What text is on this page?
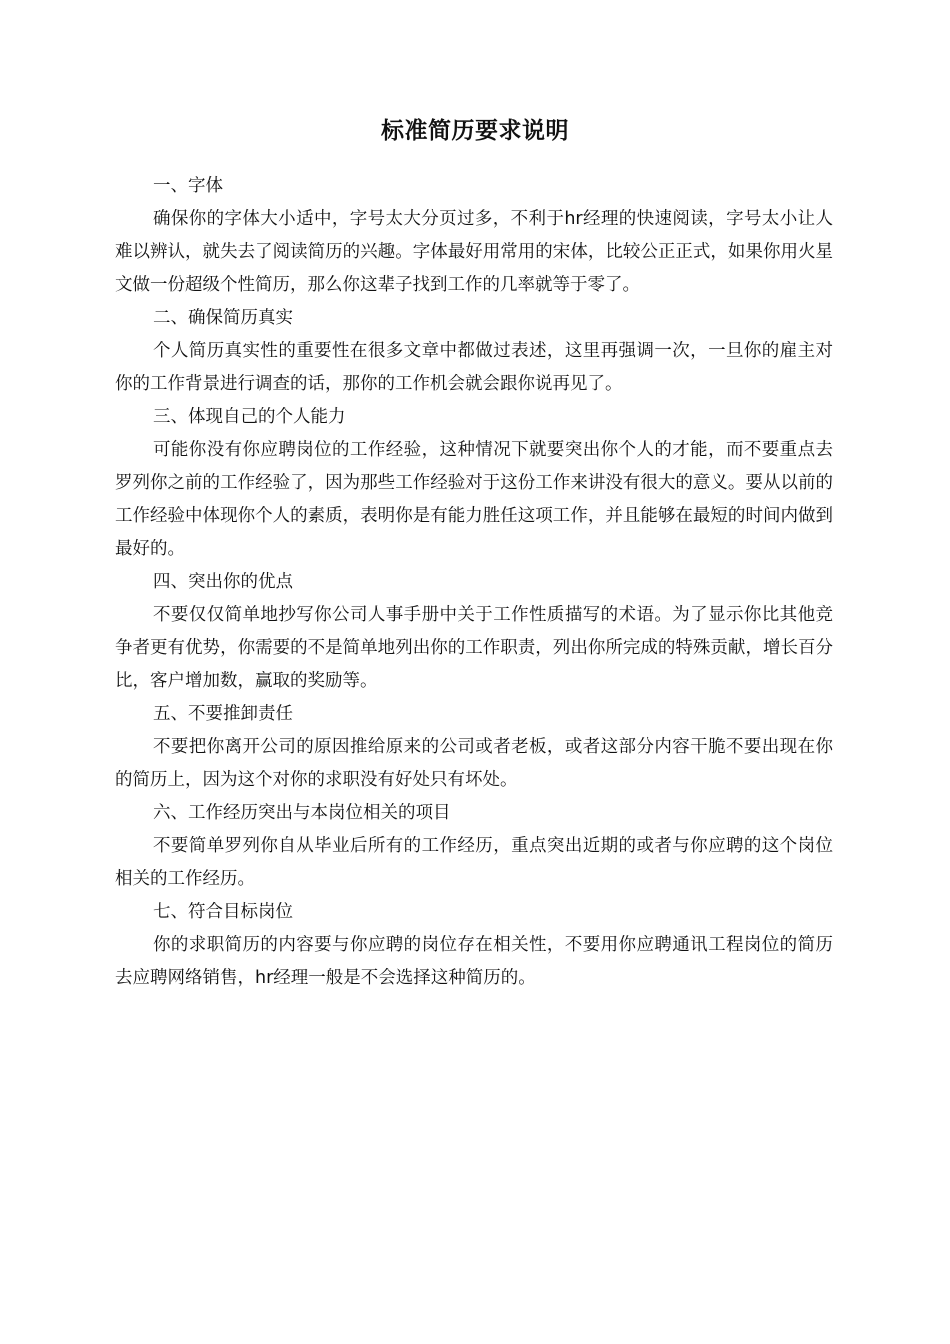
标准简历要求说明

一、字体

确保你的字体大小适中，字号太大分页过多，不利于hr经理的快速阅读，字号太小让人难以辨认，就失去了阅读简历的兴趣。字体最好用常用的宋体，比较公正正式，如果你用火星文做一份超级个性简历，那么你这辈子找到工作的几率就等于零了。

二、确保简历真实

个人简历真实性的重要性在很多文章中都做过表述，这里再强调一次，一旦你的雇主对你的工作背景进行调查的话，那你的工作机会就会跟你说再见了。

三、体现自己的个人能力

可能你没有你应聘岗位的工作经验，这种情况下就要突出你个人的才能，而不要重点去罗列你之前的工作经验了，因为那些工作经验对于这份工作来讲没有很大的意义。要从以前的工作经验中体现你个人的素质，表明你是有能力胜任这项工作，并且能够在最短的时间内做到最好的。

四、突出你的优点

不要仅仅简单地抄写你公司人事手册中关于工作性质描写的术语。为了显示你比其他竞争者更有优势，你需要的不是简单地列出你的工作职责，列出你所完成的特殊贡献，增长百分比，客户增加数，赢取的奖励等。

五、不要推卸责任

不要把你离开公司的原因推给原来的公司或者老板，或者这部分内容干脆不要出现在你的简历上，因为这个对你的求职没有好处只有坏处。

六、工作经历突出与本岗位相关的项目

不要简单罗列你自从毕业后所有的工作经历，重点突出近期的或者与你应聘的这个岗位相关的工作经历。

七、符合目标岗位

你的求职简历的内容要与你应聘的岗位存在相关性，不要用你应聘通讯工程岗位的简历去应聘网络销售，hr经理一般是不会选择这种简历的。
